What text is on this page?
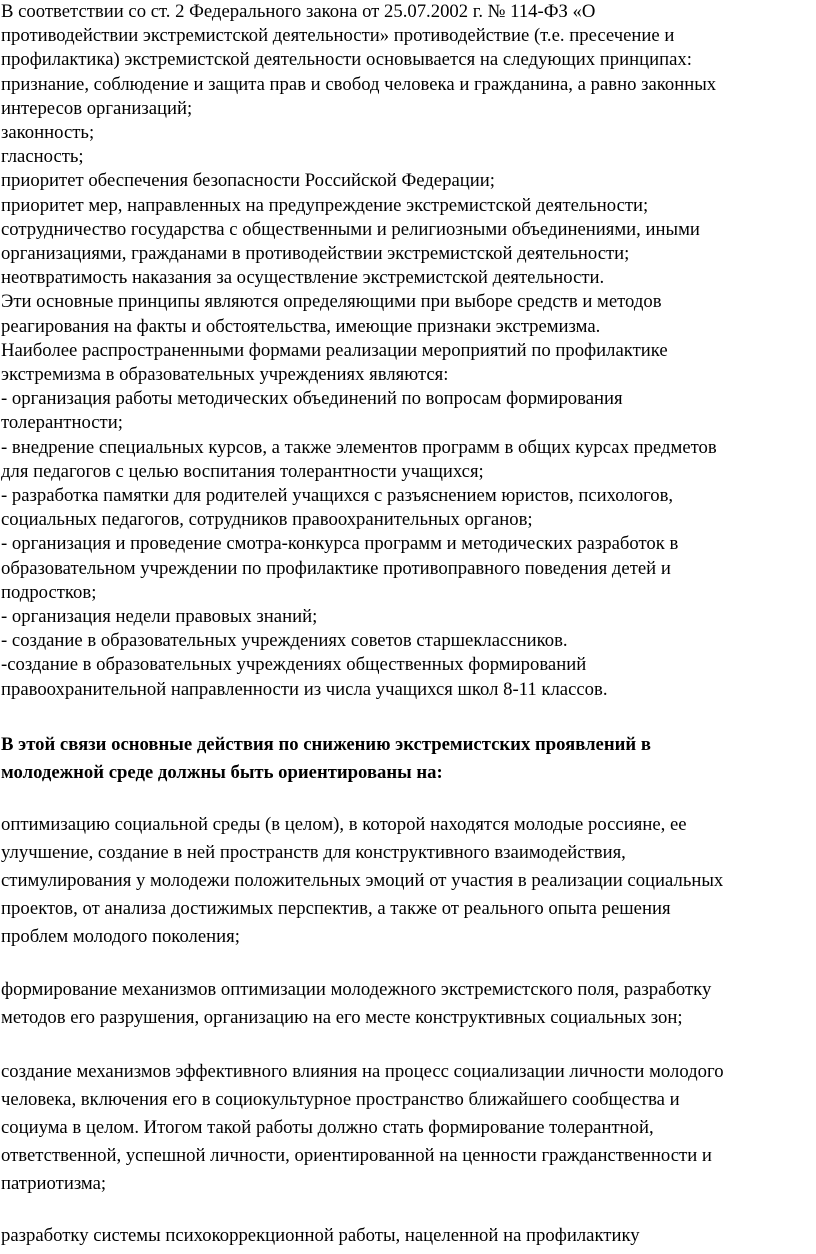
В соответствии со ст. 2 Федерального закона от 25.07.2002 г. № 114-ФЗ «О
противодействии экстремистской деятельности» противодействие (т.е. пресечение и
профилактика) экстремистской деятельности основывается на следующих принципах:
признание, соблюдение и защита прав и свобод человека и гражданина, а равно законных
интересов организаций;
законность;
гласность;
приоритет обеспечения безопасности Российской Федерации;
приоритет мер, направленных на предупреждение экстремистской деятельности;
сотрудничество государства с общественными и религиозными объединениями, иными
организациями, гражданами в противодействии экстремистской деятельности;
неотвратимость наказания за осуществление экстремистской деятельности.
Эти основные принципы являются определяющими при выборе средств и методов
реагирования на факты и обстоятельства, имеющие признаки экстремизма.
Наиболее распространенными формами реализации мероприятий по профилактике
экстремизма в образовательных учреждениях являются:
- организация работы методических объединений по вопросам формирования
толерантности;
- внедрение специальных курсов, а также элементов программ в общих курсах предметов
для педагогов с целью воспитания толерантности учащихся;
- разработка памятки для родителей учащихся с разъяснением юристов, психологов,
социальных педагогов, сотрудников правоохранительных органов;
- организация и проведение смотра-конкурса программ и методических разработок в
образовательном учреждении по профилактике противоправного поведения детей и
подростков;
- организация недели правовых знаний;
- создание в образовательных учреждениях советов старшеклассников.
-создание в образовательных учреждениях общественных формирований
правоохранительной направленности из числа учащихся школ 8-11 классов.
В этой связи основные действия по снижению экстремистских проявлений в
молодежной среде должны быть ориентированы на:
оптимизацию социальной среды (в целом), в которой находятся молодые россияне, ее
улучшение, создание в ней пространств для конструктивного взаимодействия,
стимулирования у молодежи положительных эмоций от участия в реализации социальных
проектов, от анализа достижимых перспектив, а также от реального опыта решения
проблем молодого поколения;
формирование механизмов оптимизации молодежного экстремистского поля, разработку
методов его разрушения, организацию на его месте конструктивных социальных зон;
создание механизмов эффективного влияния на процесс социализации личности молодого
человека, включения его в социокультурное пространство ближайшего сообщества и
социума в целом. Итогом такой работы должно стать формирование толерантной,
ответственной, успешной личности, ориентированной на ценности гражданственности и
патриотизма;
разработку системы психокоррекционной работы, нацеленной на профилактику
